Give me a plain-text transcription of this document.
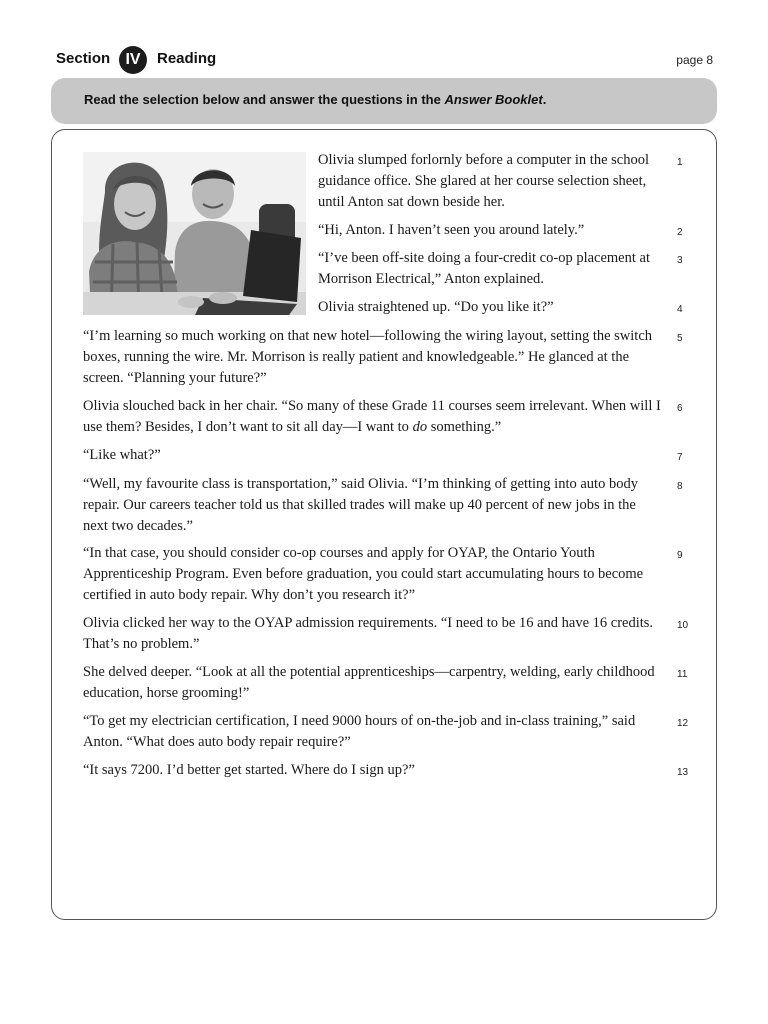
Section IV	Reading	page 8
Read the selection below and answer the questions in the Answer Booklet.

Olivia slumped forlornly before a computer in the school guidance office. She glared at her course selection sheet, until Anton sat down beside her.

1

“Hi, Anton. I haven’t seen you around lately.”	2

“I’ve been off-site doing a four-credit co-op placement at Morrison Electrical,” Anton explained.

3

Olivia straightened up. “Do you like it?”	4

“I’m learning so much working on that new hotel—following the wiring layout, setting the switch boxes, running the wire. Mr. Morrison is really patient and knowledgeable.” He glanced at the screen. “Planning your future?”

5

Olivia slouched back in her chair. “So many of these Grade 11 courses seem irrelevant. When will I use them? Besides, I don’t want to sit all day—I want to do something.”

6

“Like what?”	7

“Well, my favourite class is transportation,” said Olivia. “I’m thinking of getting into auto body repair. Our careers teacher told us that skilled trades will make up 40 percent of new jobs in the next two decades.”

8

“In that case, you should consider co-op courses and apply for OYAP, the Ontario Youth Apprenticeship Program. Even before graduation, you could start accumulating hours to become certified in auto body repair. Why don’t you research it?”

9

Olivia clicked her way to the OYAP admission requirements. “I need to be 16 and have 16 credits. That’s no problem.”

10

She delved deeper. “Look at all the potential apprenticeships—carpentry, welding, early childhood education, horse grooming!”

11

“To get my electrician certification, I need 9000 hours of on-the-job and in-class training,” said Anton. “What does auto body repair require?”

12

“It says 7200. I’d better get started. Where do I sign up?”	13
